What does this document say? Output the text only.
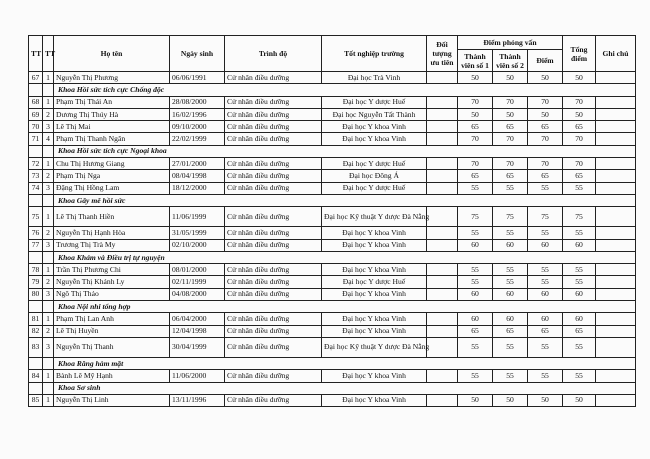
TT	TT	Họ tên	Ngày sinh	Trình độ	Tốt nghiệp trường	Đối tượng ưu tiên	Điểm phỏng vấn			Tổng điểm	Ghi chú
							Thành viên số 1	Thành viên số 2	Điểm		
67	1	Nguyễn Thị Phương	06/06/1991	Cử nhân điều dưỡng	Đại học Trà Vinh		50	50	50	50	
		Khoa Hồi sức tích cực Chống độc									
68	1	Phạm Thị Thái An	28/08/2000	Cử nhân điều dưỡng	Đại học Y dược Huế		70	70	70	70	
69	2	Dương Thị Thúy Hà	16/02/1996	Cử nhân điều dưỡng	Đại học Nguyễn Tất Thành		50	50	50	50	
70	3	Lê Thị Mai	09/10/2000	Cử nhân điều dưỡng	Đại học Y khoa Vinh		65	65	65	65	
71	4	Phạm Thị Thanh Ngân	22/02/1999	Cử nhân điều dưỡng	Đại học Y khoa Vinh		70	70	70	70	
		Khoa Hồi sức tích cực Ngoại khoa									
72	1	Chu Thị Hương Giang	27/01/2000	Cử nhân điều dưỡng	Đại học Y dược Huế		70	70	70	70	
73	2	Phạm Thị Nga	08/04/1998	Cử nhân điều dưỡng	Đại học Đông Á		65	65	65	65	
74	3	Đặng Thị Hồng Lam	18/12/2000	Cử nhân điều dưỡng	Đại học Y dược Huế		55	55	55	55	
		Khoa Gây mê hồi sức									
75	1	Lê Thị Thanh Hiền	11/06/1999	Cử nhân điều dưỡng	Đại học Kỹ thuật Y dược Đà Nẵng		75	75	75	75	
76	2	Nguyễn Thị Hạnh Hòa	31/05/1999	Cử nhân điều dưỡng	Đại học Y khoa Vinh		55	55	55	55	
77	3	Trương Thị Trà My	02/10/2000	Cử nhân điều dưỡng	Đại học Y khoa Vinh		60	60	60	60	
		Khoa Khám và Điều trị tự nguyện									
78	1	Trần Thị Phương Chi	08/01/2000	Cử nhân điều dưỡng	Đại học Y khoa Vinh		55	55	55	55	
79	2	Nguyễn Thị Khánh Ly	02/11/1999	Cử nhân điều dưỡng	Đại học Y dược Huế		55	55	55	55	
80	3	Ngô Thị Thảo	04/08/2000	Cử nhân điều dưỡng	Đại học Y khoa Vinh		60	60	60	60	
		Khoa Nội nhi tổng hợp									
81	1	Phạm Thị Lan Anh	06/04/2000	Cử nhân điều dưỡng	Đại học Y khoa Vinh		60	60	60	60	
82	2	Lê Thị Huyền	12/04/1998	Cử nhân điều dưỡng	Đại học Y khoa Vinh		65	65	65	65	
83	3	Nguyễn Thị Thanh	30/04/1999	Cử nhân điều dưỡng	Đại học Kỹ thuật Y dược Đà Nẵng		55	55	55	55	
		Khoa Răng hàm mặt									
84	1	Bành Lê Mỹ Hạnh	11/06/2000	Cử nhân điều dưỡng	Đại học Y khoa Vinh		55	55	55	55	
		Khoa Sơ sinh									
85	1	Nguyễn Thị Linh	13/11/1996	Cử nhân điều dưỡng	Đại học Y khoa Vinh		50	50	50	50	
